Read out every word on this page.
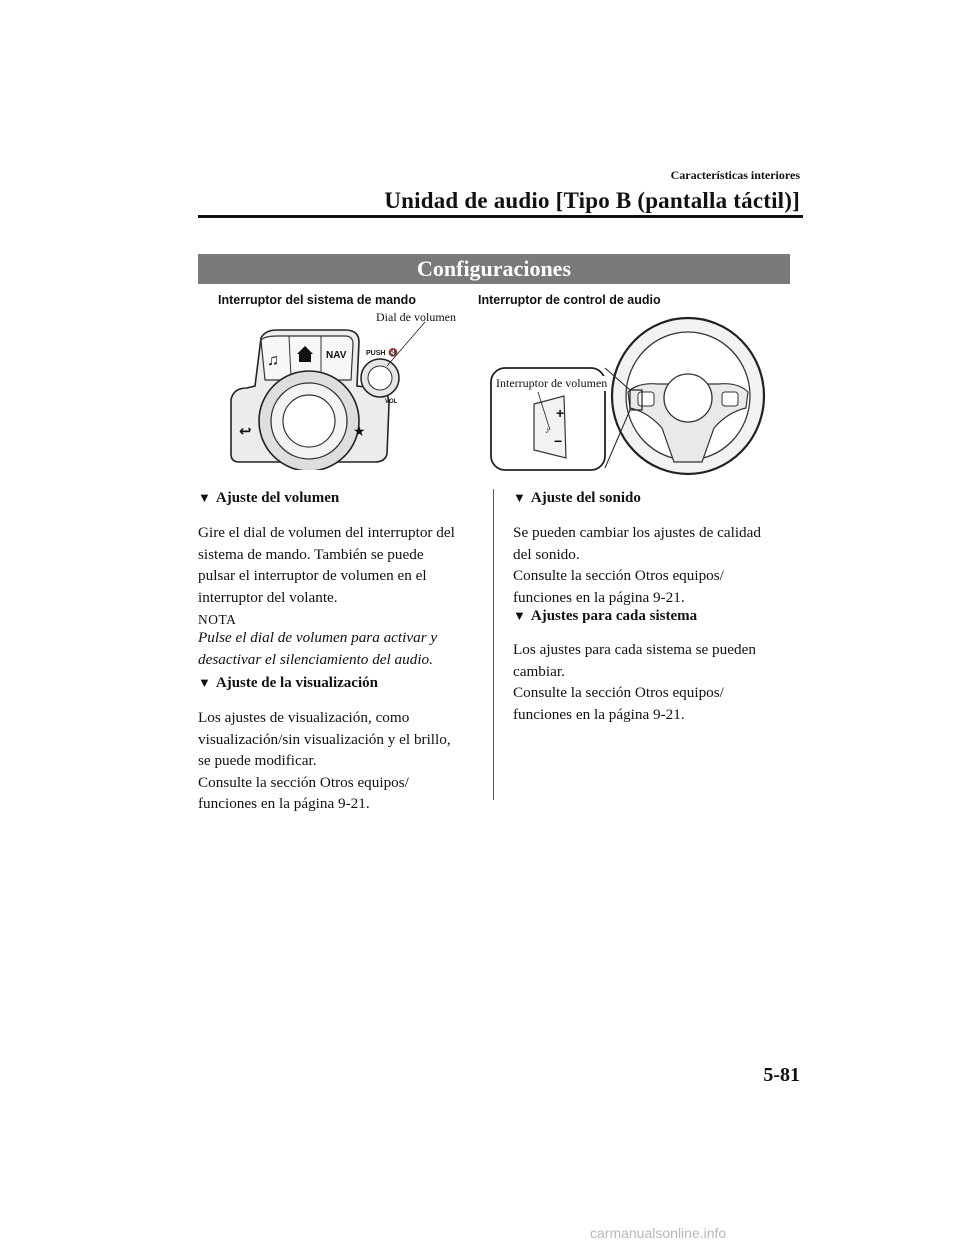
Características interiores
Unidad de audio [Tipo B (pantalla táctil)]
Configuraciones
Interruptor del sistema de mando	Interruptor de control de audio
♫	NAV
↩	★
PUSH 🔇
VOL
Dial de volumen
+
−
♪
Interruptor de volumen
▼ Ajuste del volumen
Gire el dial de volumen del interruptor del
sistema de mando. También se puede
pulsar el interruptor de volumen en el
interruptor del volante.
NOTA
Pulse el dial de volumen para activar y
desactivar el silenciamiento del audio.
▼ Ajuste de la visualización
Los ajustes de visualización, como
visualización/sin visualización y el brillo,
se puede modificar.
Consulte la sección Otros equipos/
funciones en la página 9-21.
▼ Ajuste del sonido
Se pueden cambiar los ajustes de calidad
del sonido.
Consulte la sección Otros equipos/
funciones en la página 9-21.
▼ Ajustes para cada sistema
Los ajustes para cada sistema se pueden
cambiar.
Consulte la sección Otros equipos/
funciones en la página 9-21.
5-81
carmanualsonline.info
